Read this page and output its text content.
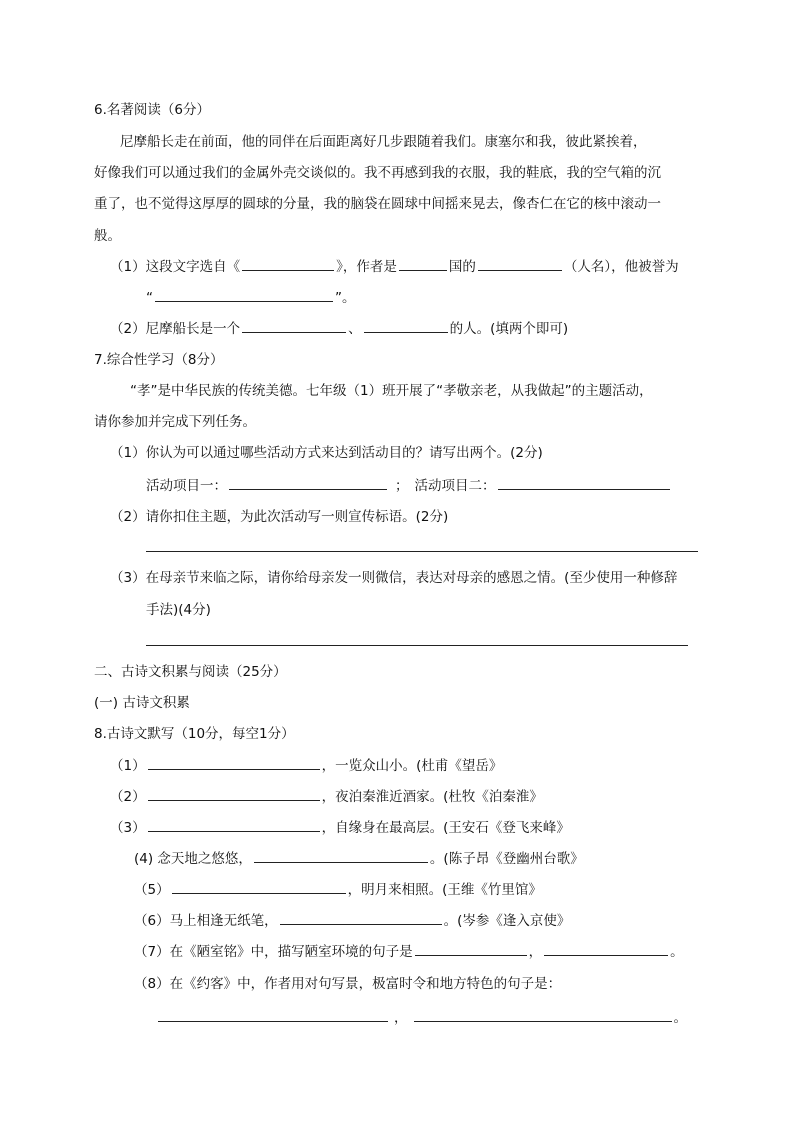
6.名著阅读（6分）
尼摩船长走在前面，他的同伴在后面距离好几步跟随着我们。康塞尔和我，彼此紧挨着，
好像我们可以通过我们的金属外壳交谈似的。我不再感到我的衣服，我的鞋底，我的空气箱的沉
重了，也不觉得这厚厚的圆球的分量，我的脑袋在圆球中间摇来晃去，像杏仁在它的核中滚动一
般。
（1）这段文字选自《	》，作者是	国的	（人名），他被誉为
“	”。
（2）尼摩船长是一个	、	的人。(填两个即可)
7.综合性学习（8分）
“孝”是中华民族的传统美德。七年级（1）班开展了“孝敬亲老，从我做起”的主题活动，
请你参加并完成下列任务。
（1）你认为可以通过哪些活动方式来达到活动目的？请写出两个。(2分)
活动项目一：	； 活动项目二：
（2）请你扣住主题，为此次活动写一则宣传标语。(2分)
（3）在母亲节来临之际，请你给母亲发一则微信，表达对母亲的感恩之情。(至少使用一种修辞
手法)(4分)
二、古诗文积累与阅读（25分）
(一) 古诗文积累
8.古诗文默写（10分，每空1分）
（1）	，一览众山小。(杜甫《望岳》
（2）	，夜泊秦淮近酒家。(杜牧《泊秦淮》
（3）	，自缘身在最高层。(王安石《登飞来峰》
(4) 念天地之悠悠，	。(陈子昂《登幽州台歌》
（5）	，明月来相照。(王维《竹里馆》
（6）马上相逢无纸笔，	。(岑参《逢入京使》
（7）在《陋室铭》中，描写陋室环境的句子是	，	。
（8）在《约客》中，作者用对句写景，极富时令和地方特色的句子是：
，	。
